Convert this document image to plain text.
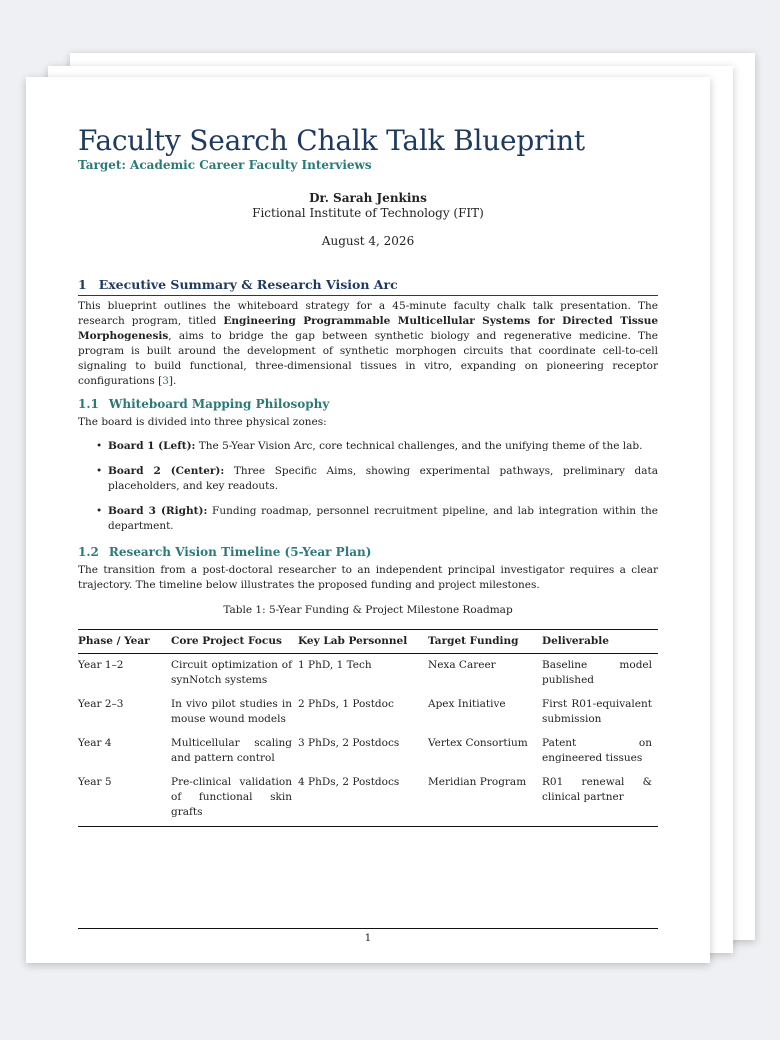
Faculty Search Chalk Talk Blueprint
Target: Academic Career Faculty Interviews
Dr. Sarah Jenkins
Fictional Institute of Technology (FIT)
August 4, 2026
1 Executive Summary & Research Vision Arc

This blueprint outlines the whiteboard strategy for a 45-minute faculty chalk talk presentation. The research program, titled Engineering Programmable Multicellular Systems for Directed Tissue Morphogenesis, aims to bridge the gap between synthetic biology and regenerative medicine. The program is built around the development of synthetic morphogen circuits that coordinate cell-to-cell signaling to build functional, three-dimensional tissues in vitro, expanding on pioneering receptor configurations [3].

1.1 Whiteboard Mapping Philosophy

The board is divided into three physical zones:

• Board 1 (Left): The 5-Year Vision Arc, core technical challenges, and the unifying theme of the lab.
• Board 2 (Center): Three Specific Aims, showing experimental pathways, preliminary data placeholders, and key readouts.
• Board 3 (Right): Funding roadmap, personnel recruitment pipeline, and lab integration within the department.
1.2 Research Vision Timeline (5-Year Plan)

The transition from a post-doctoral researcher to an independent principal investigator requires a clear trajectory. The timeline below illustrates the proposed funding and project milestones.

Table 1: 5-Year Funding & Project Milestone Roadmap
Phase / Year	Core Project Focus	Key Lab Personnel	Target Funding	Deliverable
Year 1–2	Circuit optimization of synNotch systems	1 PhD, 1 Tech	Nexa Career	Baseline model published
Year 2–3	In vivo pilot studies in mouse wound models	2 PhDs, 1 Postdoc	Apex Initiative	First R01-equivalent submission
Year 4	Multicellular scaling and pattern control	3 PhDs, 2 Postdocs	Vertex Consortium	Patent on engineered tissues
Year 5	Pre-clinical validation of functional skin grafts	4 PhDs, 2 Postdocs	Meridian Program	R01 renewal & clinical partner
1
